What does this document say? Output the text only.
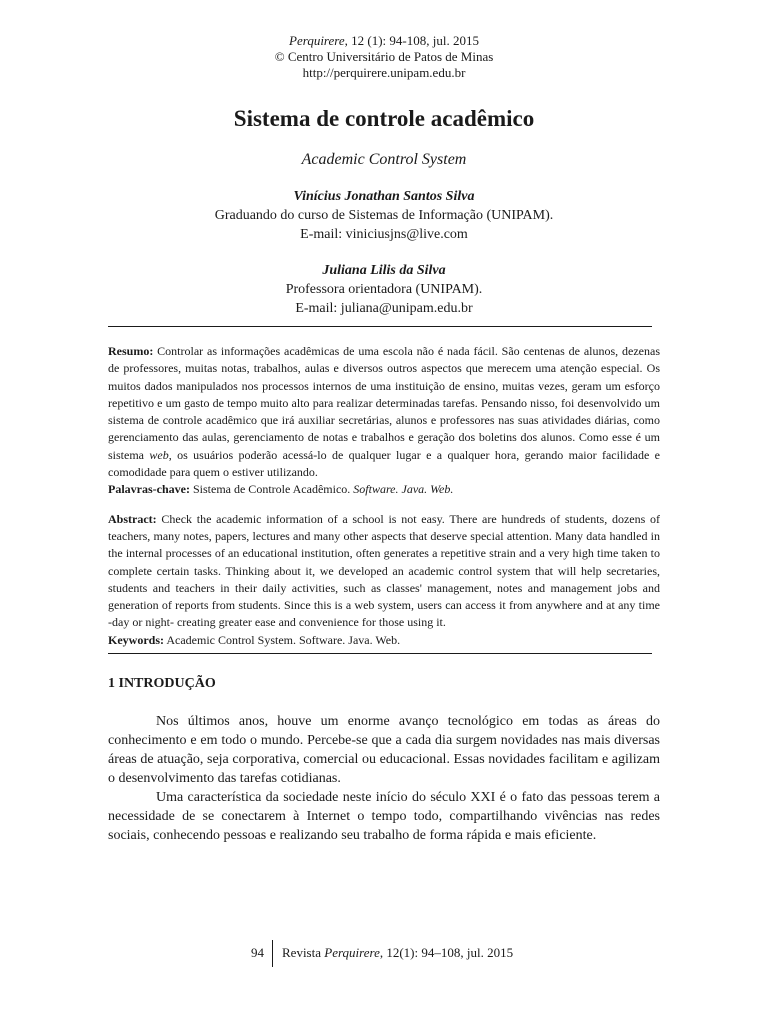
Perquirere, 12 (1): 94-108, jul. 2015
© Centro Universitário de Patos de Minas
http://perquirere.unipam.edu.br
Sistema de controle acadêmico
Academic Control System
Vinícius Jonathan Santos Silva
Graduando do curso de Sistemas de Informação (UNIPAM).
E-mail: viniciusjns@live.com
Juliana Lilis da Silva
Professora orientadora (UNIPAM).
E-mail: juliana@unipam.edu.br
Resumo: Controlar as informações acadêmicas de uma escola não é nada fácil. São centenas de alunos, dezenas de professores, muitas notas, trabalhos, aulas e diversos outros aspectos que merecem uma atenção especial. Os muitos dados manipulados nos processos internos de uma instituição de ensino, muitas vezes, geram um esforço repetitivo e um gasto de tempo muito alto para realizar determinadas tarefas. Pensando nisso, foi desenvolvido um sistema de controle acadêmico que irá auxiliar secretárias, alunos e professores nas suas atividades diárias, como gerenciamento das aulas, gerenciamento de notas e trabalhos e geração dos boletins dos alunos. Como esse é um sistema web, os usuários poderão acessá-lo de qualquer lugar e a qualquer hora, gerando maior facilidade e comodidade para quem o estiver utilizando.
Palavras-chave: Sistema de Controle Acadêmico. Software. Java. Web.
Abstract: Check the academic information of a school is not easy. There are hundreds of students, dozens of teachers, many notes, papers, lectures and many other aspects that deserve special attention. Many data handled in the internal processes of an educational institution, often generates a repetitive strain and a very high time taken to complete certain tasks. Thinking about it, we developed an academic control system that will help secretaries, students and teachers in their daily activities, such as classes' management, notes and management jobs and generation of reports from students. Since this is a web system, users can access it from anywhere and at any time -day or night- creating greater ease and convenience for those using it.
Keywords: Academic Control System. Software. Java. Web.
1 INTRODUÇÃO
Nos últimos anos, houve um enorme avanço tecnológico em todas as áreas do conhecimento e em todo o mundo. Percebe-se que a cada dia surgem novidades nas mais diversas áreas de atuação, seja corporativa, comercial ou educacional. Essas novidades facilitam e agilizam o desenvolvimento das tarefas cotidianas.
Uma característica da sociedade neste início do século XXI é o fato das pessoas terem a necessidade de se conectarem à Internet o tempo todo, compartilhando vivências nas redes sociais, conhecendo pessoas e realizando seu trabalho de forma rápida e mais eficiente.
94 Revista Perquirere, 12(1): 94–108, jul. 2015
